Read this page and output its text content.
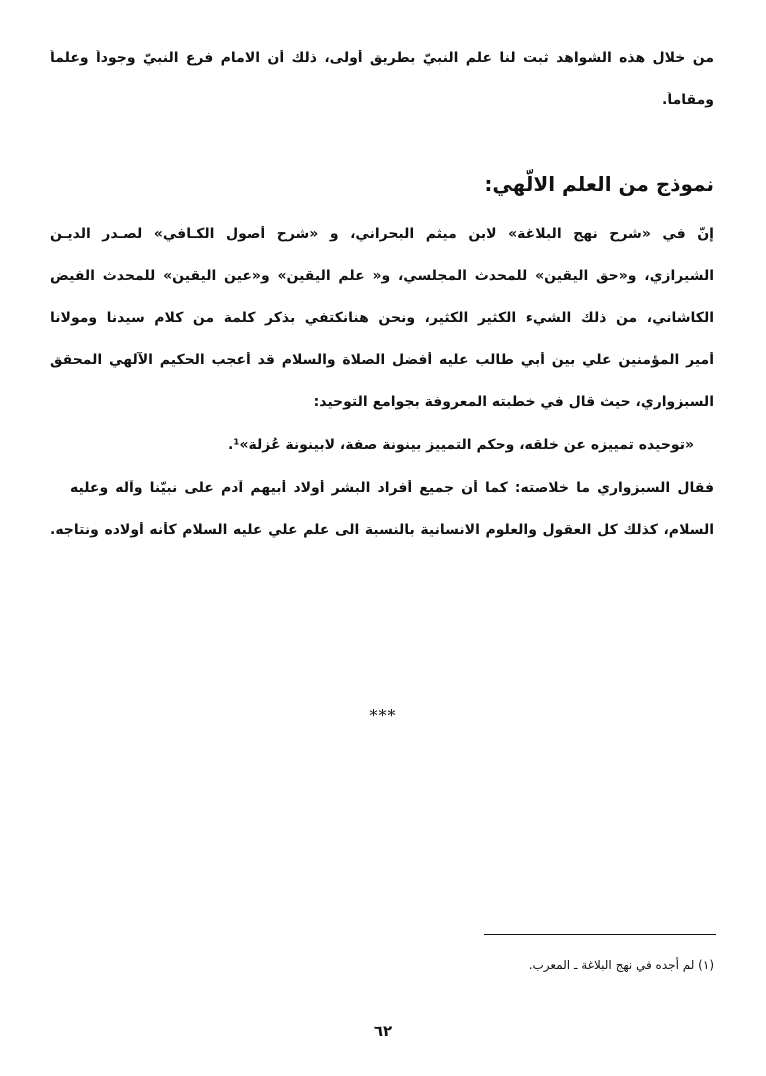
من خلال هذه الشواهد ثبت لنا علم النبيّ بطريق أولى، ذلك أن الامام فرع النبيّ وجوداً وعلماً
ومقاماً.
نموذج من العلم الالّهي:
إنّ في «شرح نهج البلاغة» لابن ميثم البحراني، و «شرح أُصول الكـافي» لصـدر الديـن
الشيرازي، و«حق اليقين» للمحدث المجلسي، و« علم اليقين» و«عين اليقين» للمحدث الفيض
الكاشاني، من ذلك الشيء الكثير الكثير، ونحن هنانكتفي بذكر كلمة من كلام سيدنا ومولانا
أمير المؤمنين علي بين أبي طالب عليه أفضل الصلاة والسلام قد أعجب الحكيم الآلهي المحقق
السبزواري، حيث قال في خطبته المعروفة بجوامع التوحيد:
«توحيده تمييزه عن خلقه، وحكم التمييز بينونة صفة، لابينونة عُزلة»¹.
فقال السبزواري ما خلاصته: كما أن جميع أفراد البشر أولاد أبيهم آدم على نبيّنا وآله وعليه
السلام، كذلك كل العقول والعلوم الانسانية بالنسبة الى علم علي عليه السلام كأنه أولاده ونتاجه.
***
(١) لم أجده في نهج البلاغة ـ المعرب.
٦٢
